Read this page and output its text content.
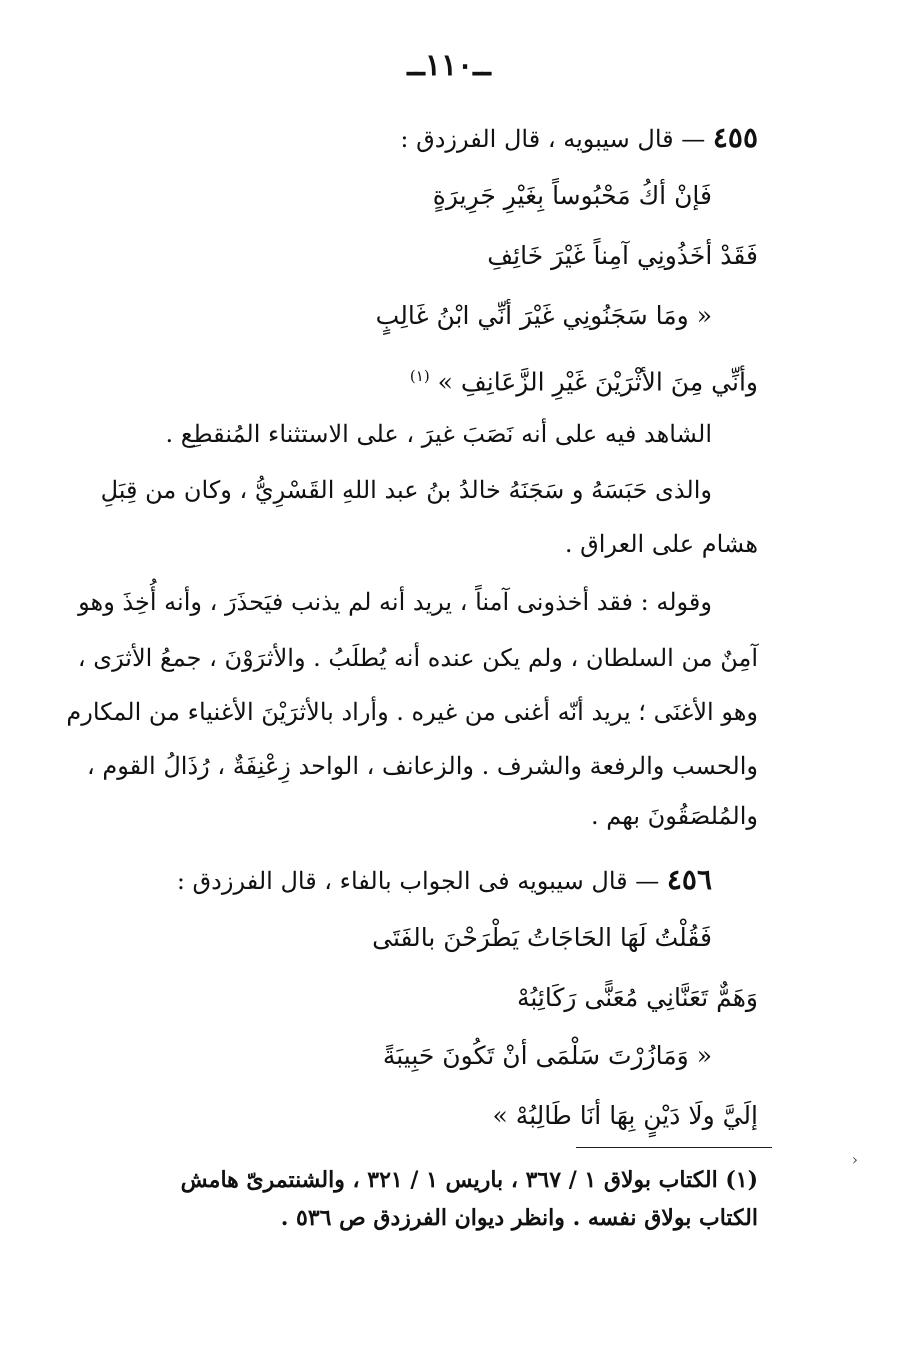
ــ١١٠ــ
٤٥٥ — قال سيبويه ، قال الفرزدق :
فَإنْ أكُ مَحْبُوساً بِغَيْرِ جَرِيرَةٍ
فَقَدْ أخَذُونِي آمِناً غَيْرَ خَائِفِ
« ومَا سَجَنُونِي غَيْرَ أنِّي ابْنُ غَالِبٍ
وأنِّي مِنَ الأثْرَيْنَ غَيْرِ الزَّعَانِفِ » $^{(١)}$
الشاهد فيه على أنه نَصَبَ غيرَ ، على الاستثناء المُنقطِع .
والذى حَبَسَهُ و سَجَنَهُ خالدُ بنُ عبد اللهِ القَسْرِيُّ ، وكان من قِبَلِ
هشام على العراق .
وقوله : فقد أخذونى آمناً ، يريد أنه لم يذنب فيَحذَرَ ، وأنه أُخِذَ وهو
آمِنٌ من السلطان ، ولم يكن عنده أنه يُطلَبُ . والأثرَوْنَ ، جمعُ الأثرَى ،
وهو الأغنَى ؛ يريد أنّه أغنى من غيره . وأراد بالأثرَيْنَ الأغنياء من المكارم
والحسب والرفعة والشرف . والزعانف ، الواحد زِعْنِفَةٌ ، رُذَالُ القوم ،
والمُلصَقُونَ بهم .
٤٥٦ — قال سيبويه فى الجواب بالفاء ، قال الفرزدق :
فَقُلْتُ لَهَا الحَاجَاتُ يَطْرَحْنَ بالفَتَى
وَهَمٌّ تَعَنَّانِي مُعَنًّى رَكَائِبُهْ
« وَمَازُرْتَ سَلْمَى أنْ تَكُونَ حَبِيبَةً
إلَيَّ ولَا دَيْنٍ بِهَا أنَا طَالِبُهْ »
(١) الكتاب بولاق ١ / ٣٦٧ ، باريس ١ / ٣٢١ ، والشنتمرىّ هامش
الكتاب بولاق نفسه . وانظر ديوان الفرزدق ص ٥٣٦ .
›
